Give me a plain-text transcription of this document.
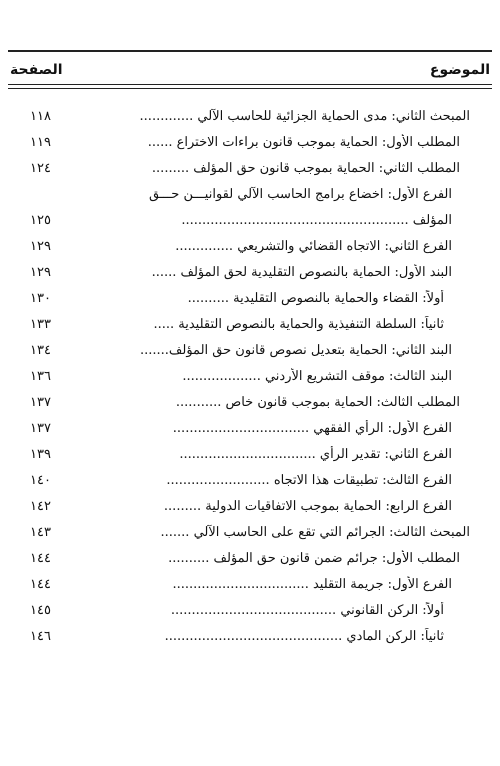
الموضوع
الصفحة
المبحث الثاني: مدى الحماية الجزائية للحاسب الآلي .............
١١٨
المطلب الأول: الحماية بموجب قانون براءات الاختراع ......
١١٩
المطلب الثاني: الحماية بموجب قانون حق المؤلف .........
١٢٤
الفرع الأول: اخضاع برامج الحاسب الآلي لقوانيـــن حـــق
المؤلف .......................................................
١٢٥
الفرع الثاني: الاتجاه القضائي والتشريعي ..............
١٢٩
البند الأول: الحماية بالنصوص التقليدية لحق المؤلف ......
١٢٩
أولاً: القضاء والحماية بالنصوص التقليدية ..........
١٣٠
ثانياً: السلطة التنفيذية والحماية بالنصوص التقليدية .....
١٣٣
البند الثاني: الحماية بتعديل نصوص قانون حق المؤلف.......
١٣٤
البند الثالث: موقف التشريع الأردني ...................
١٣٦
المطلب الثالث: الحماية بموجب قانون خاص ...........
١٣٧
الفرع الأول: الرأي الفقهي .................................
١٣٧
الفرع الثاني: تقدير الرأي .................................
١٣٩
الفرع الثالث: تطبيقات هذا الاتجاه .........................
١٤٠
الفرع الرابع: الحماية بموجب الاتفاقيات الدولية .........
١٤٢
المبحث الثالث: الجرائم التي تقع على الحاسب الآلي .......
١٤٣
المطلب الأول: جرائم ضمن قانون حق المؤلف ..........
١٤٤
الفرع الأول: جريمة التقليد .................................
١٤٤
أولاً: الركن القانوني ........................................
١٤٥
ثانياً: الركن المادي ...........................................
١٤٦
